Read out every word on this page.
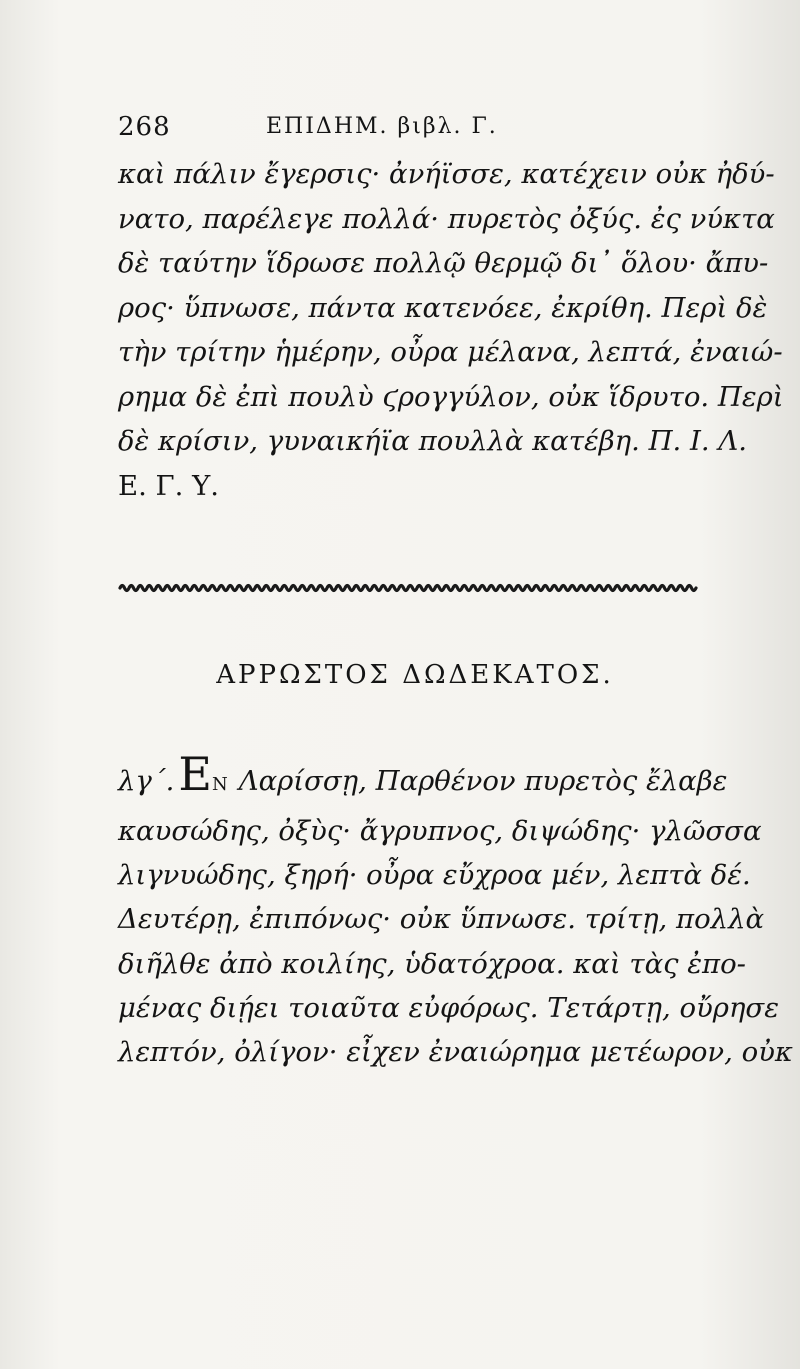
268	ΕΠΙΔΗΜ. βιβλ. Γ.
καὶ πάλιν ἔγερσις· ἀνήϊσσε, κατέχειν οὐκ ἠδύ-
νατο, παρέλεγε πολλά· πυρετὸς ὀξύς. ἐς νύκτα
δὲ ταύτην ἵδρωσε πολλῷ θερμῷ δι᾽ ὅλου· ἄπυ-
ρος· ὕπνωσε, πάντα κατενόεε, ἐκρίθη. Περὶ δὲ
τὴν τρίτην ἡμέρην, οὖρα μέλανα, λεπτά, ἐναιώ-
ρημα δὲ ἐπὶ πουλὺ ϛρογγύλον, οὐκ ἵδρυτο. Περὶ
δὲ κρίσιν, γυναικήϊα πουλλὰ κατέβη. Π. Ι. Λ.
Ε. Γ. Υ.
ΑΡΡΩΣΤΟΣ ΔΩΔΕΚΑΤΟΣ.
λγ΄. Ε Ν Λαρίσσῃ, Παρθένον πυρετὸς ἔλαβε
καυσώδης, ὀξὺς· ἄγρυπνος, διψώδης· γλῶσσα
λιγνυώδης, ξηρή· οὖρα εὔχροα μέν, λεπτὰ δέ.
Δευτέρῃ, ἐπιπόνως· οὐκ ὕπνωσε. τρίτῃ, πολλὰ
διῆλθε ἀπὸ κοιλίης, ὑδατόχροα. καὶ τὰς ἐπο-
μένας διῄει τοιαῦτα εὐφόρως. Τετάρτῃ, οὔρησε
λεπτόν, ὀλίγον· εἶχεν ἐναιώρημα μετέωρον, οὐκ
